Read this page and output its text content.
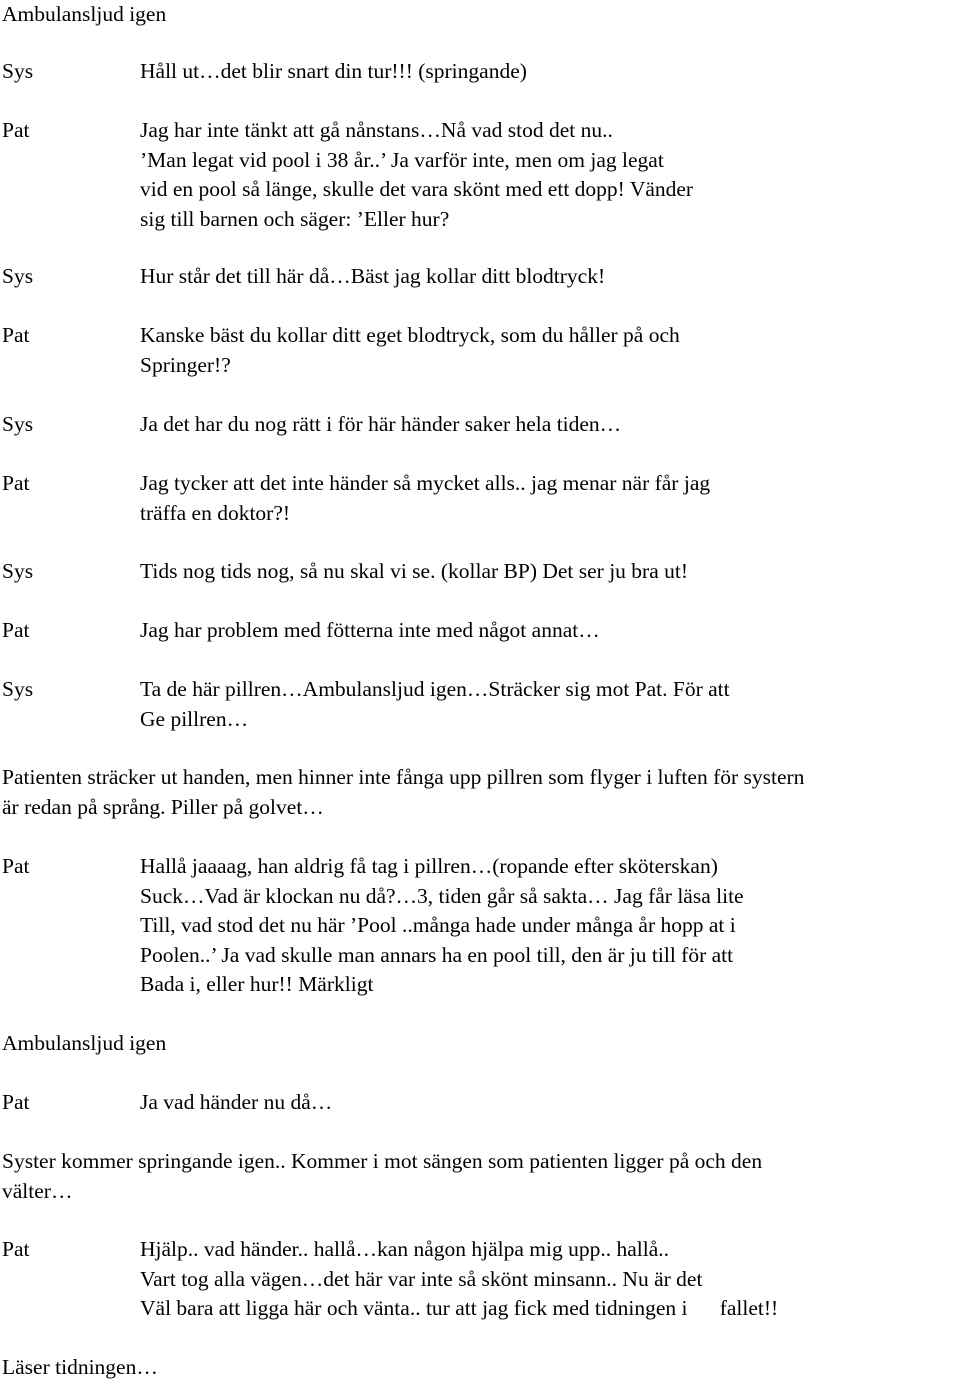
Ambulansljud igen
Sys	Håll ut…det blir snart din tur!!! (springande)
Pat	Jag har inte tänkt att gå nånstans…Nå vad stod det nu..
’Man legat vid pool i 38 år..’ Ja varför inte, men om jag legat
vid en pool så länge, skulle det vara skönt med ett dopp! Vänder
sig till barnen och säger: ’Eller hur?
Sys	Hur står det till här då…Bäst jag kollar ditt blodtryck!
Pat	Kanske bäst du kollar ditt eget blodtryck, som du håller på och
Springer!?
Sys	Ja det har du nog rätt i för här händer saker hela tiden…
Pat	Jag tycker att det inte händer så mycket alls.. jag menar när får jag
träffa en doktor?!
Sys	Tids nog tids nog, så nu skal vi se. (kollar BP) Det ser ju bra ut!
Pat	Jag har problem med fötterna inte med något annat…
Sys	Ta de här pillren…Ambulansljud igen…Sträcker sig mot Pat. För att
Ge pillren…
Patienten sträcker ut handen, men hinner inte fånga upp pillren som flyger i luften för systern
är redan på språng. Piller på golvet…
Pat	Hallå jaaaag, han aldrig få tag i pillren…(ropande efter sköterskan)
Suck…Vad är klockan nu då?…3, tiden går så sakta… Jag får läsa lite
Till, vad stod det nu här ’Pool ..många hade under många år hopp at i
Poolen..’ Ja vad skulle man annars ha en pool till, den är ju till för att
Bada i, eller hur!! Märkligt
Ambulansljud igen
Pat	Ja vad händer nu då…
Syster kommer springande igen.. Kommer i mot sängen som patienten ligger på och den
välter…
Pat	Hjälp.. vad händer.. hallå…kan någon hjälpa mig upp.. hallå..
Vart tog alla vägen…det här var inte så skönt minsann.. Nu är det
Väl bara att ligga här och vänta.. tur att jag fick med tidningen i      fallet!!
Läser tidningen…
